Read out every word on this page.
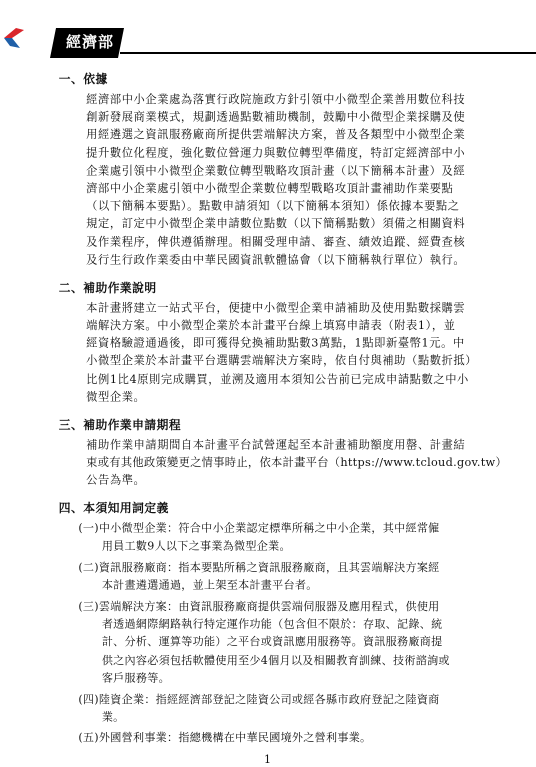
經濟部
一、依據
經濟部中小企業處為落實行政院施政方針引領中小微型企業善用數位科技
創新發展商業模式，規劃透過點數補助機制，鼓勵中小微型企業採購及使
用經遴選之資訊服務廠商所提供雲端解決方案，普及各類型中小微型企業
提升數位化程度，強化數位營運力與數位轉型準備度，特訂定經濟部中小
企業處引領中小微型企業數位轉型戰略攻頂計畫（以下簡稱本計畫）及經
濟部中小企業處引領中小微型企業數位轉型戰略攻頂計畫補助作業要點
（以下簡稱本要點）。點數申請須知（以下簡稱本須知）係依據本要點之
規定，訂定中小微型企業申請數位點數（以下簡稱點數）須備之相關資料
及作業程序，俾供遵循辦理。相關受理申請、審查、績效追蹤、經費查核
及行生行政作業委由中華民國資訊軟體協會（以下簡稱執行單位）執行。
二、補助作業說明
本計畫將建立一站式平台，便捷中小微型企業申請補助及使用點數採購雲
端解決方案。中小微型企業於本計畫平台線上填寫申請表（附表1），並
經資格驗證通過後，即可獲得兌換補助點數3萬點，1點即新臺幣1元。中
小微型企業於本計畫平台選購雲端解決方案時，依自付與補助（點數折抵）
比例1比4原則完成購買，並溯及適用本須知公告前已完成申請點數之中小
微型企業。
三、補助作業申請期程
補助作業申請期間自本計畫平台試營運起至本計畫補助額度用罄、計畫結
束或有其他政策變更之情事時止，依本計畫平台（https://www.tcloud.gov.tw）
公告為準。
四、本須知用詞定義
(一)中小微型企業：符合中小企業認定標準所稱之中小企業，其中經常僱
用員工數9人以下之事業為微型企業。
(二)資訊服務廠商：指本要點所稱之資訊服務廠商，且其雲端解決方案經
本計畫遴選通過，並上架至本計畫平台者。
(三)雲端解決方案：由資訊服務廠商提供雲端伺服器及應用程式，供使用
者透過網際網路執行特定運作功能（包含但不限於：存取、記錄、統
計、分析、運算等功能）之平台或資訊應用服務等。資訊服務廠商提
供之內容必須包括軟體使用至少4個月以及相關教育訓練、技術諮詢或
客戶服務等。
(四)陸資企業：指經經濟部登記之陸資公司或經各縣市政府登記之陸資商
業。
(五)外國營利事業：指總機構在中華民國境外之營利事業。
1
